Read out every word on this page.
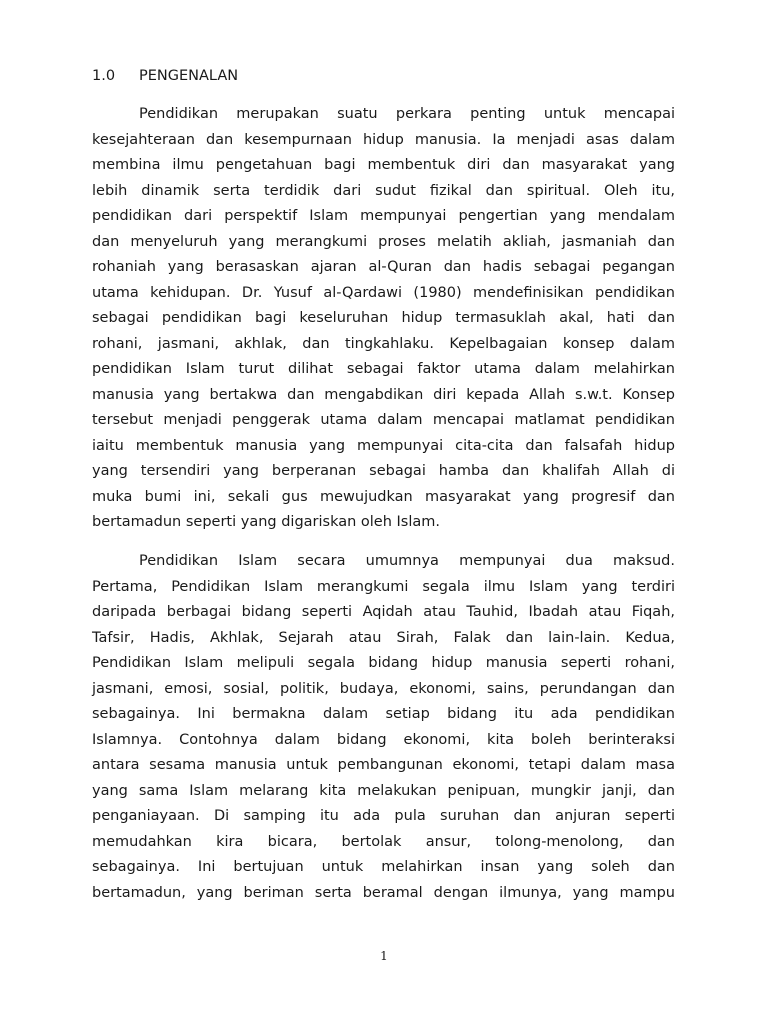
1.0 PENGENALAN
Pendidikan merupakan suatu perkara penting untuk mencapai
kesejahteraan dan kesempurnaan hidup manusia. Ia menjadi asas dalam
membina ilmu pengetahuan bagi membentuk diri dan masyarakat yang
lebih dinamik serta terdidik dari sudut fizikal dan spiritual. Oleh itu,
pendidikan dari perspektif Islam mempunyai pengertian yang mendalam
dan menyeluruh yang merangkumi proses melatih akliah, jasmaniah dan
rohaniah yang berasaskan ajaran al-Quran dan hadis sebagai pegangan
utama kehidupan. Dr. Yusuf al-Qardawi (1980) mendefinisikan pendidikan
sebagai pendidikan bagi keseluruhan hidup termasuklah akal, hati dan
rohani, jasmani, akhlak, dan tingkahlaku. Kepelbagaian konsep dalam
pendidikan Islam turut dilihat sebagai faktor utama dalam melahirkan
manusia yang bertakwa dan mengabdikan diri kepada Allah s.w.t. Konsep
tersebut menjadi penggerak utama dalam mencapai matlamat pendidikan
iaitu membentuk manusia yang mempunyai cita-cita dan falsafah hidup
yang tersendiri yang berperanan sebagai hamba dan khalifah Allah di
muka bumi ini, sekali gus mewujudkan masyarakat yang progresif dan
bertamadun seperti yang digariskan oleh Islam.
Pendidikan Islam secara umumnya mempunyai dua maksud.
Pertama, Pendidikan Islam merangkumi segala ilmu Islam yang terdiri
daripada berbagai bidang seperti Aqidah atau Tauhid, Ibadah atau Fiqah,
Tafsir, Hadis, Akhlak, Sejarah atau Sirah, Falak dan lain-lain. Kedua,
Pendidikan Islam melipuli segala bidang hidup manusia seperti rohani,
jasmani, emosi, sosial, politik, budaya, ekonomi, sains, perundangan dan
sebagainya. Ini bermakna dalam setiap bidang itu ada pendidikan
Islamnya. Contohnya dalam bidang ekonomi, kita boleh berinteraksi
antara sesama manusia untuk pembangunan ekonomi, tetapi dalam masa
yang sama Islam melarang kita melakukan penipuan, mungkir janji, dan
penganiayaan. Di samping itu ada pula suruhan dan anjuran seperti
memudahkan kira bicara, bertolak ansur, tolong-menolong, dan
sebagainya. Ini bertujuan untuk melahirkan insan yang soleh dan
bertamadun, yang beriman serta beramal dengan ilmunya, yang mampu
1
